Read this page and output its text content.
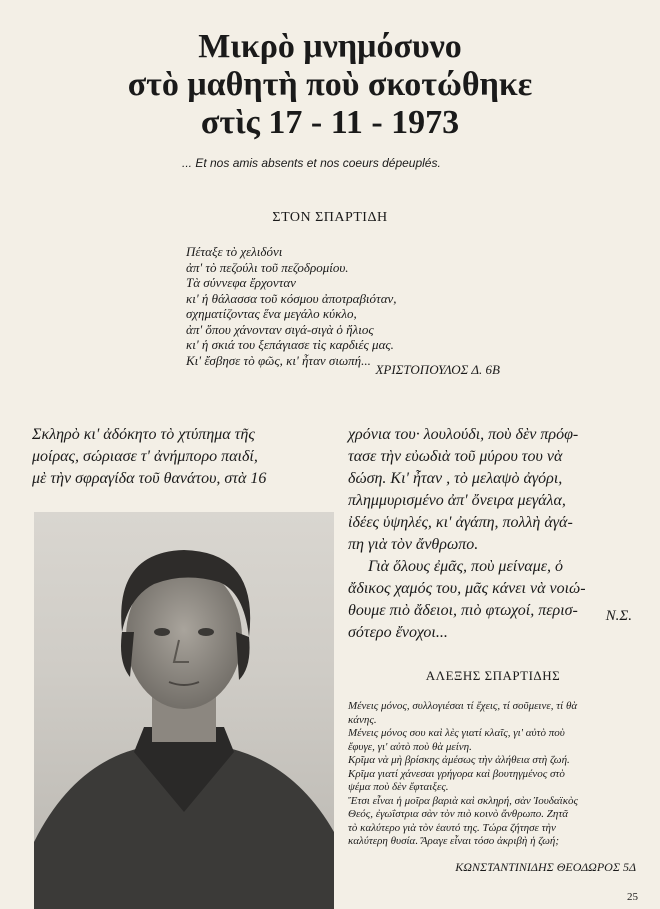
Μικρὸ μνημόσυνο
στὸ μαθητὴ ποὺ σκοτώθηκε
στὶς 17 - 11 - 1973
... Et nos amis absents et nos coeurs dépeuplés.
ΣΤΟΝ ΣΠΑΡΤΙΔΗ
Πέταξε τὸ χελιδόνι
ἀπ' τὸ πεζούλι τοῦ πεζοδρομίου.
Τὰ σύννεφα ἔρχονταν
κι' ἡ θάλασσα τοῦ κόσμου ἀποτραβιόταν,
σχηματίζοντας ἕνα μεγάλο κύκλο,
ἀπ' ὅπου χάνονταν σιγά-σιγὰ ὁ ἥλιος
κι' ἡ σκιά του ξεπάγιασε τὶς καρδιές μας.
Κι' ἔσβησε τὸ φῶς, κι' ἦταν σιωπή...
ΧΡΙΣΤΟΠΟΥΛΟΣ Δ. 6Β
Σκληρὸ κι' ἀδόκητο τὸ χτύπημα τῆς
μοίρας, σώριασε τ' ἀνήμπορο παιδί,
μὲ τὴν σφραγίδα τοῦ θανάτου, στὰ 16
χρόνια του· λουλούδι, ποὺ δὲν πρόφ-
τασε τὴν εὐωδιὰ τοῦ μύρου του νὰ
δώση. Κι' ἦταν , τὸ μελαψὸ ἀγόρι,
πλημμυρισμένο ἀπ' ὄνειρα μεγάλα,
ἰδέες ὑψηλές, κι' ἀγάπη, πολλὴ ἀγά-
πη γιὰ τὸν ἄνθρωπο.
Γιὰ ὅλους ἐμᾶς, ποὺ μείναμε, ὁ
ἄδικος χαμός του, μᾶς κάνει νὰ νοιώ-
θουμε πιὸ ἄδειοι, πιὸ φτωχοί, περισ-
σότερο ἔνοχοι...
Ν.Σ.
ΑΛΕΞΗΣ ΣΠΑΡΤΙΔΗΣ
Μένεις μόνος, συλλογιέσαι τί ἔχεις, τί σοῦμεινε, τί θὰ
κάνης.
Μένεις μόνος σου καὶ λὲς γιατί κλαῖς, γι' αὐτὸ ποὺ
ἔφυγε, γι' αὐτὸ ποὺ θὰ μείνη.
Κρῖμα νὰ μὴ βρίσκης ἀμέσως τὴν ἀλήθεια στὴ ζωή.
Κρῖμα γιατί χάνεσαι γρήγορα καὶ βουτηγμένος στὸ
ψέμα ποὺ δὲν ἔφταιξες.
Ἔτσι εἶναι ἡ μοῖρα βαριὰ καὶ σκληρή, σὰν Ἰουδαϊκὸς
Θεός, ἐγωΐστρια σὰν τὸν πιὸ κοινὸ ἄνθρωπο. Ζητᾶ
τὸ καλύτερο γιὰ τὸν ἑαυτό της. Τώρα ζήτησε τὴν
καλύτερη θυσία. Ἄραγε εἶναι τόσο ἀκριβὴ ἡ ζωή;
ΚΩΝΣΤΑΝΤΙΝΙΔΗΣ ΘΕΟΔΩΡΟΣ 5Δ
25
